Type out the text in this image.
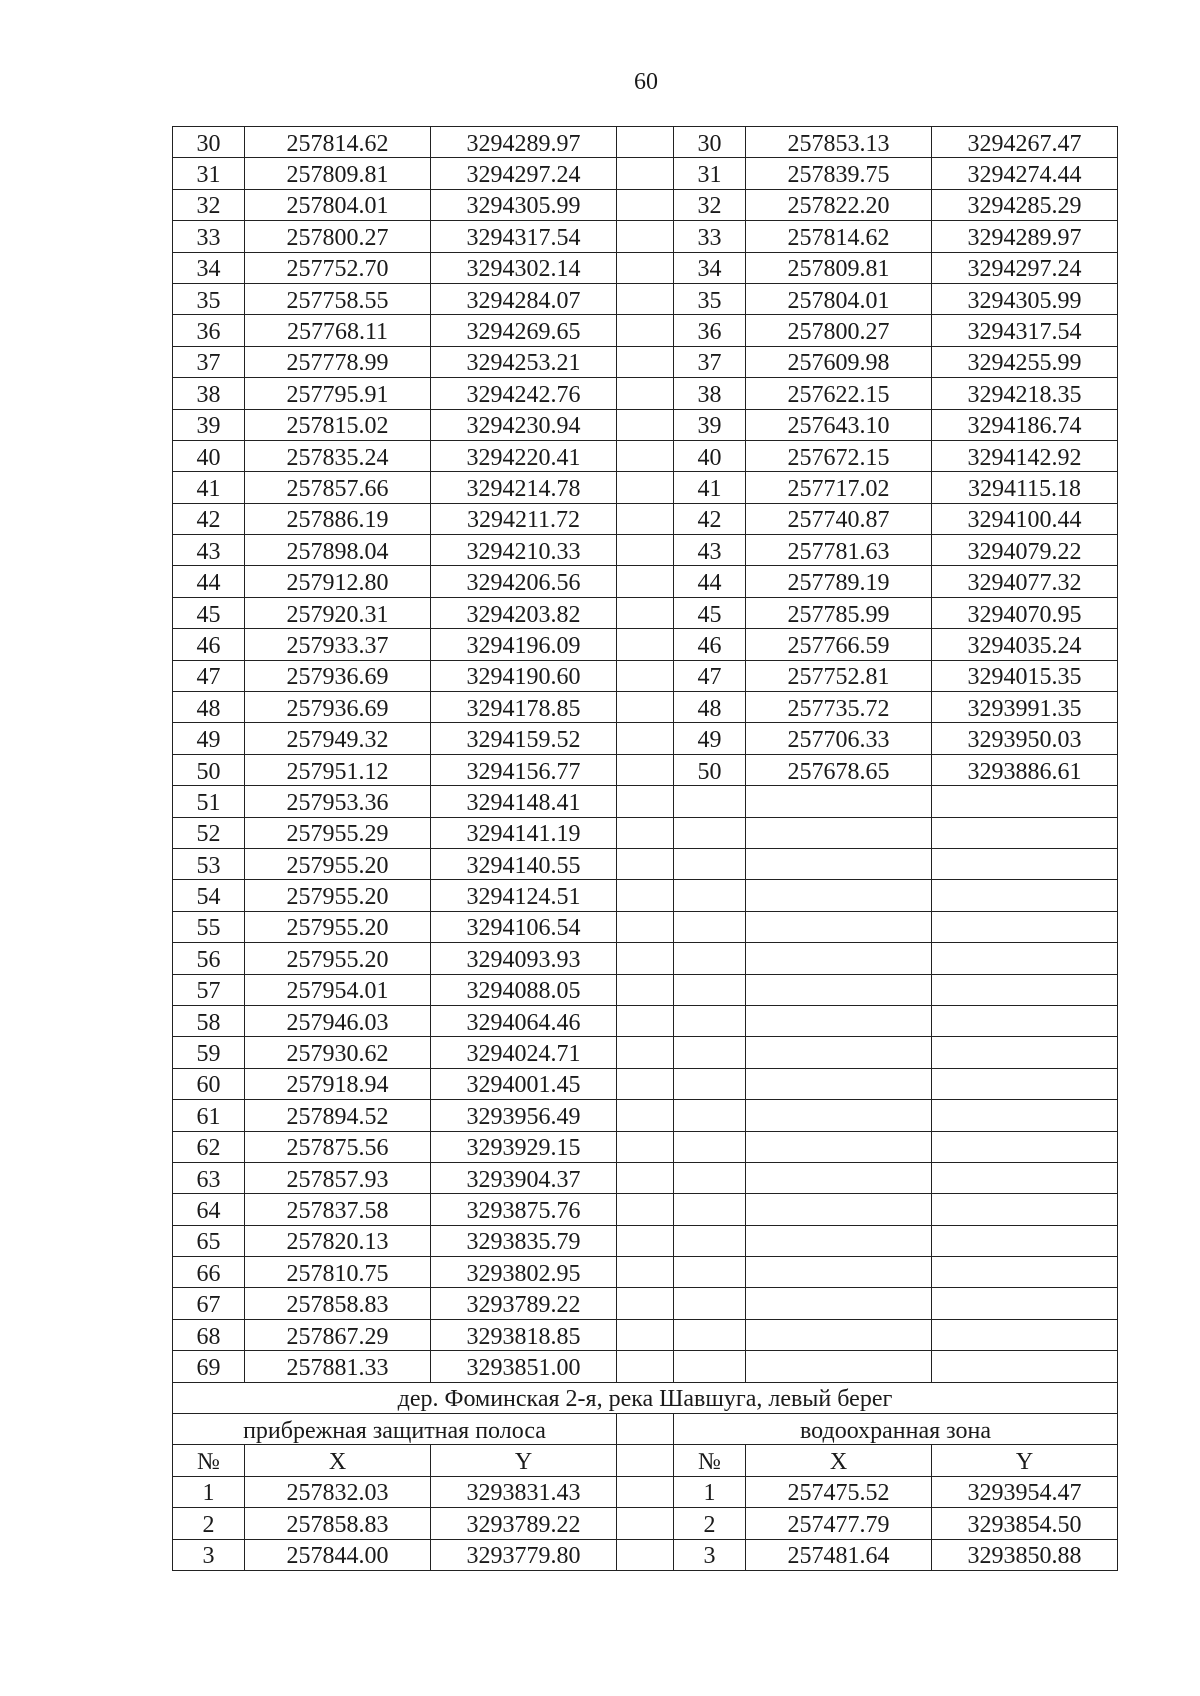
60
30	257814.62	3294289.97	30	257853.13	3294267.47
31	257809.81	3294297.24	31	257839.75	3294274.44
32	257804.01	3294305.99	32	257822.20	3294285.29
33	257800.27	3294317.54	33	257814.62	3294289.97
34	257752.70	3294302.14	34	257809.81	3294297.24
35	257758.55	3294284.07	35	257804.01	3294305.99
36	257768.11	3294269.65	36	257800.27	3294317.54
37	257778.99	3294253.21	37	257609.98	3294255.99
38	257795.91	3294242.76	38	257622.15	3294218.35
39	257815.02	3294230.94	39	257643.10	3294186.74
40	257835.24	3294220.41	40	257672.15	3294142.92
41	257857.66	3294214.78	41	257717.02	3294115.18
42	257886.19	3294211.72	42	257740.87	3294100.44
43	257898.04	3294210.33	43	257781.63	3294079.22
44	257912.80	3294206.56	44	257789.19	3294077.32
45	257920.31	3294203.82	45	257785.99	3294070.95
46	257933.37	3294196.09	46	257766.59	3294035.24
47	257936.69	3294190.60	47	257752.81	3294015.35
48	257936.69	3294178.85	48	257735.72	3293991.35
49	257949.32	3294159.52	49	257706.33	3293950.03
50	257951.12	3294156.77	50	257678.65	3293886.61
51	257953.36	3294148.41
52	257955.29	3294141.19
53	257955.20	3294140.55
54	257955.20	3294124.51
55	257955.20	3294106.54
56	257955.20	3294093.93
57	257954.01	3294088.05
58	257946.03	3294064.46
59	257930.62	3294024.71
60	257918.94	3294001.45
61	257894.52	3293956.49
62	257875.56	3293929.15
63	257857.93	3293904.37
64	257837.58	3293875.76
65	257820.13	3293835.79
66	257810.75	3293802.95
67	257858.83	3293789.22
68	257867.29	3293818.85
69	257881.33	3293851.00
дер. Фоминская 2-я, река Шавшуга, левый берег
прибрежная защитная полоса	водоохранная зона
№	X	Y	№	X	Y
1	257832.03	3293831.43	1	257475.52	3293954.47
2	257858.83	3293789.22	2	257477.79	3293854.50
3	257844.00	3293779.80	3	257481.64	3293850.88
